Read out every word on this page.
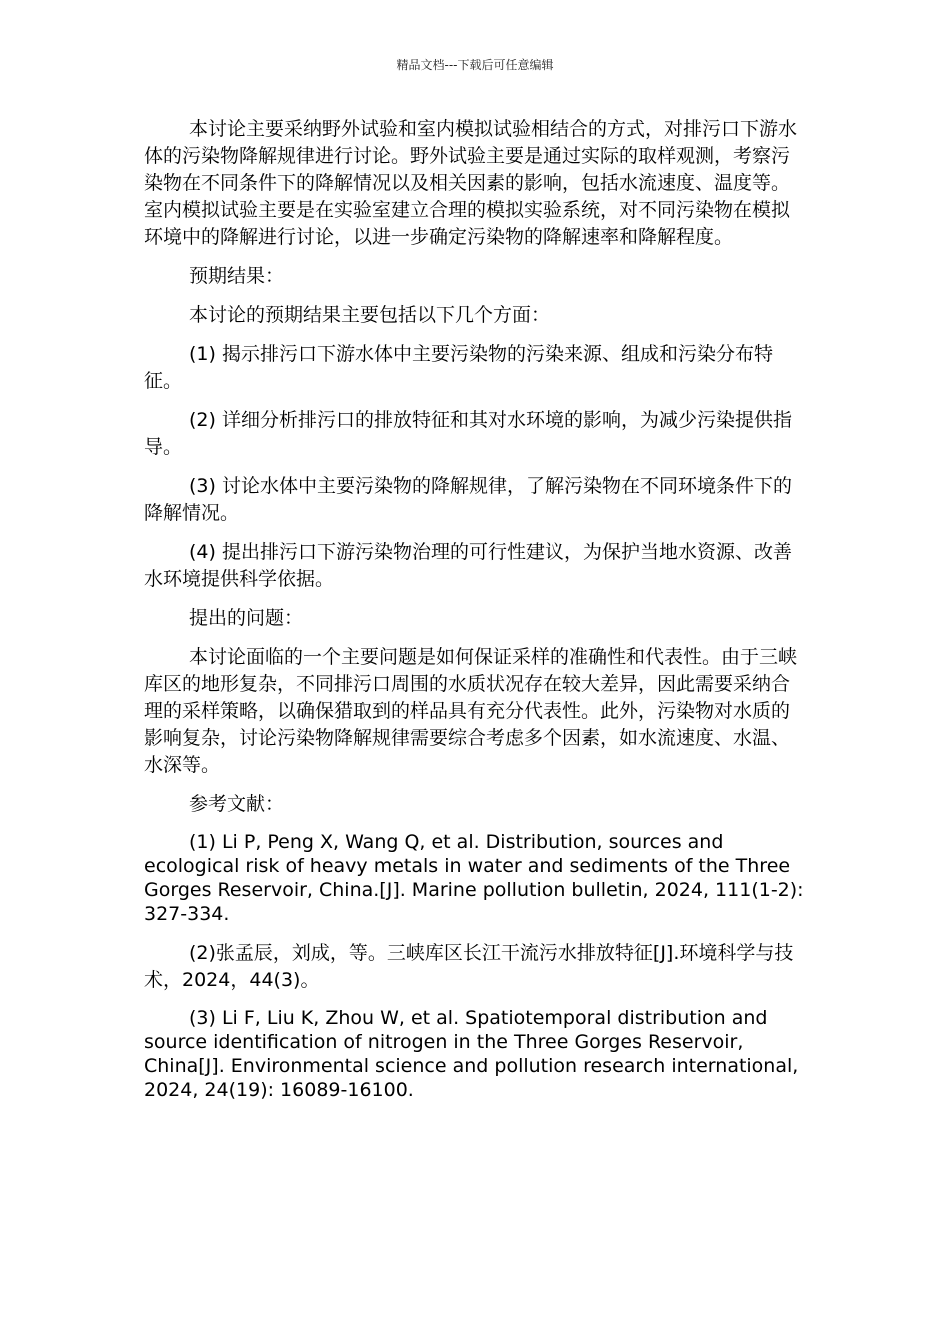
精品文档---下载后可任意编辑

本讨论主要采纳野外试验和室内模拟试验相结合的方式，对排污口下游水体的污染物降解规律进行讨论。野外试验主要是通过实际的取样观测，考察污染物在不同条件下的降解情况以及相关因素的影响，包括水流速度、温度等。室内模拟试验主要是在实验室建立合理的模拟实验系统，对不同污染物在模拟环境中的降解进行讨论，以进一步确定污染物的降解速率和降解程度。

预期结果：

本讨论的预期结果主要包括以下几个方面：

(1) 揭示排污口下游水体中主要污染物的污染来源、组成和污染分布特征。

(2) 详细分析排污口的排放特征和其对水环境的影响，为减少污染提供指导。

(3) 讨论水体中主要污染物的降解规律，了解污染物在不同环境条件下的降解情况。

(4) 提出排污口下游污染物治理的可行性建议，为保护当地水资源、改善水环境提供科学依据。

提出的问题：

本讨论面临的一个主要问题是如何保证采样的准确性和代表性。由于三峡库区的地形复杂，不同排污口周围的水质状况存在较大差异，因此需要采纳合理的采样策略，以确保猎取到的样品具有充分代表性。此外，污染物对水质的影响复杂，讨论污染物降解规律需要综合考虑多个因素，如水流速度、水温、水深等。

参考文献：

(1) Li P, Peng X, Wang Q, et al. Distribution, sources and ecological risk of heavy metals in water and sediments of the Three Gorges Reservoir, China.[J]. Marine pollution bulletin, 2024, 111(1-2): 327-334.

(2)张孟辰，刘成，等。三峡库区长江干流污水排放特征[J].环境科学与技术，2024，44(3)。

(3) Li F, Liu K, Zhou W, et al. Spatiotemporal distribution and source identification of nitrogen in the Three Gorges Reservoir, China[J]. Environmental science and pollution research international, 2024, 24(19): 16089-16100.
